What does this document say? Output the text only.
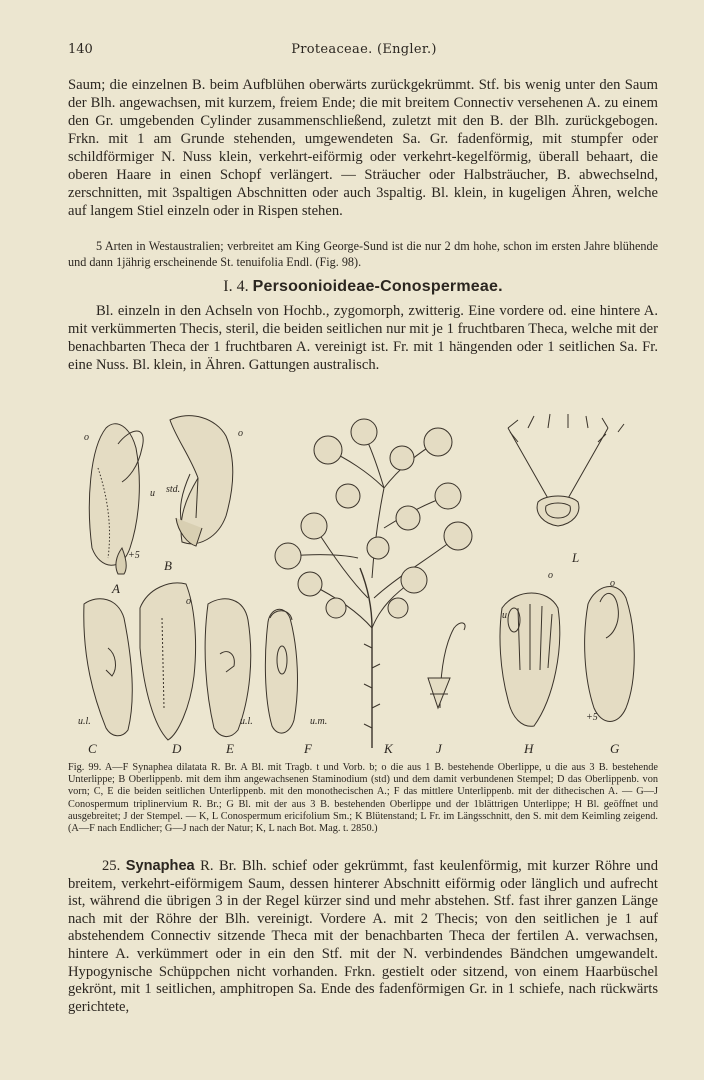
140	Proteaceae. (Engler.)

Saum; die einzelnen B. beim Aufblühen oberwärts zurückgekrümmt. Stf. bis wenig unter den Saum der Blh. angewachsen, mit kurzem, freiem Ende; die mit breitem Connectiv versehenen A. zu einem den Gr. umgebenden Cylinder zusammenschließend, zuletzt mit den B. der Blh. zurückgebogen. Frkn. mit 1 am Grunde stehenden, umgewendeten Sa. Gr. fadenförmig, mit stumpfer oder schildförmiger N. Nuss klein, verkehrt-eiförmig oder verkehrt-kegelförmig, überall behaart, die oberen Haare in einen Schopf verlängert. — Sträucher oder Halbsträucher, B. abwechselnd, zerschnitten, mit 3spaltigen Abschnitten oder auch 3spaltig. Bl. klein, in kugeligen Ähren, welche auf langem Stiel einzeln oder in Rispen stehen.

5 Arten in Westaustralien; verbreitet am King George-Sund ist die nur 2 dm hohe, schon im ersten Jahre blühende und dann 1jährig erscheinende St. tenuifolia Endl. (Fig. 98).

I. 4. Persoonioideae-Conospermeae.

Bl. einzeln in den Achseln von Hochb., zygomorph, zwitterig. Eine vordere od. eine hintere A. mit verkümmerten Thecis, steril, die beiden seitlichen nur mit je 1 fruchtbaren Theca, welche mit der benachbarten Theca der 1 fruchtbaren A. vereinigt ist. Fr. mit 1 hängenden oder 1 seitlichen Sa. Fr. eine Nuss. Bl. klein, in Ähren. Gattungen australisch.

A
B
C	D	E	F	K	J	H	G
L
o
u
+5
o
std.
o
u.l.	u.l.	u.m.
o
u
o
+5

Fig. 99. A—F Synaphea dilatata R. Br. A Bl. mit Tragb. t und Vorb. b; o die aus 1 B. bestehende Oberlippe, u die aus 3 B. bestehende Unterlippe; B Oberlippenb. mit dem ihm angewachsenen Staminodium (std) und dem damit verbundenen Stempel; D das Oberlippenb. von vorn; C, E die beiden seitlichen Unterlippenb. mit den monothecischen A.; F das mittlere Unterlippenb. mit der dithecischen A. — G—J Conospermum triplinervium R. Br.; G Bl. mit der aus 3 B. bestehenden Oberlippe und der 1blättrigen Unterlippe; H Bl. geöffnet und ausgebreitet; J der Stempel. — K, L Conospermum ericifolium Sm.; K Blütenstand; L Fr. im Längsschnitt, den S. mit dem Keimling zeigend. (A—F nach Endlicher; G—J nach der Natur; K, L nach Bot. Mag. t. 2850.)

25. Synaphea R. Br. Blh. schief oder gekrümmt, fast keulenförmig, mit kurzer Röhre und breitem, verkehrt-eiförmigem Saum, dessen hinterer Abschnitt eiförmig oder länglich und aufrecht ist, während die übrigen 3 in der Regel kürzer sind und mehr abstehen. Stf. fast ihrer ganzen Länge nach mit der Röhre der Blh. vereinigt. Vordere A. mit 2 Thecis; von den seitlichen je 1 auf abstehendem Connectiv sitzende Theca mit der benachbarten Theca der fertilen A. verwachsen, hintere A. verkümmert oder in ein den Stf. mit der N. verbindendes Bändchen umgewandelt. Hypogynische Schüppchen nicht vorhanden. Frkn. gestielt oder sitzend, von einem Haarbüschel gekrönt, mit 1 seitlichen, amphitropen Sa. Ende des fadenförmigen Gr. in 1 schiefe, nach rückwärts gerichtete,
